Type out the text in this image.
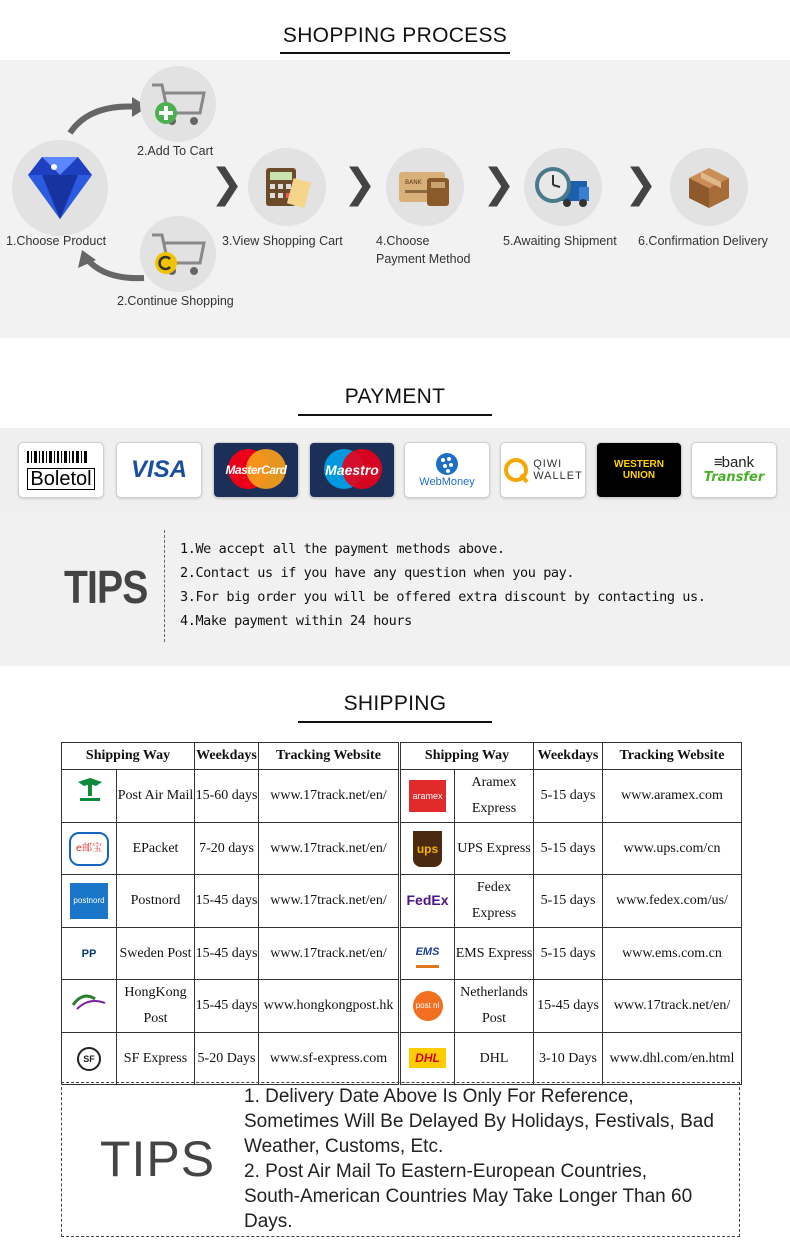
SHOPPING PROCESS
1.Choose Product
2.Add To Cart
2.Continue Shopping
❯ ❯	❯	❯
3.View Shopping Cart
BANK
4.Choose
Payment Method
5.Awaiting Shipment 6.Confirmation Delivery
PAYMENT
Boletol VISA	MasterCard	Maestro
WebMoney
QIWI
WALLET
WESTERN
UNION
≡bank
Transfer
TIPS
1.We accept all the payment methods above.
2.Contact us if you have any question when you pay.
3.For big order you will be offered extra discount by contacting us.
4.Make payment within 24 hours
SHIPPING
Shipping Way		Weekdays	Tracking Website	Shipping Way		Weekdays	Tracking Website
	Post Air Mail	15-60 days	www.17track.net/en/	aramex	Aramex Express	5-15 days	www.aramex.com
e邮宝	EPacket	7-20 days	www.17track.net/en/	ups	UPS Express	5-15 days	www.ups.com/cn
postnord	Postnord	15-45 days	www.17track.net/en/	FedEx	Fedex Express	5-15 days	www.fedex.com/us/
PP	Sweden Post	15-45 days	www.17track.net/en/	EMS	EMS Express	5-15 days	www.ems.com.cn
	HongKong Post	15-45 days	www.hongkongpost.hk	post nl	Netherlands Post	15-45 days	www.17track.net/en/
SF	SF Express	5-20 Days	www.sf-express.com	DHL	DHL	3-10 Days	www.dhl.com/en.html
TIPS
1. Delivery Date Above Is Only For Reference,
Sometimes Will Be Delayed By Holidays, Festivals, Bad
Weather, Customs, Etc.
2. Post Air Mail To Eastern-European Countries,
South-American Countries May Take Longer Than 60
Days.
